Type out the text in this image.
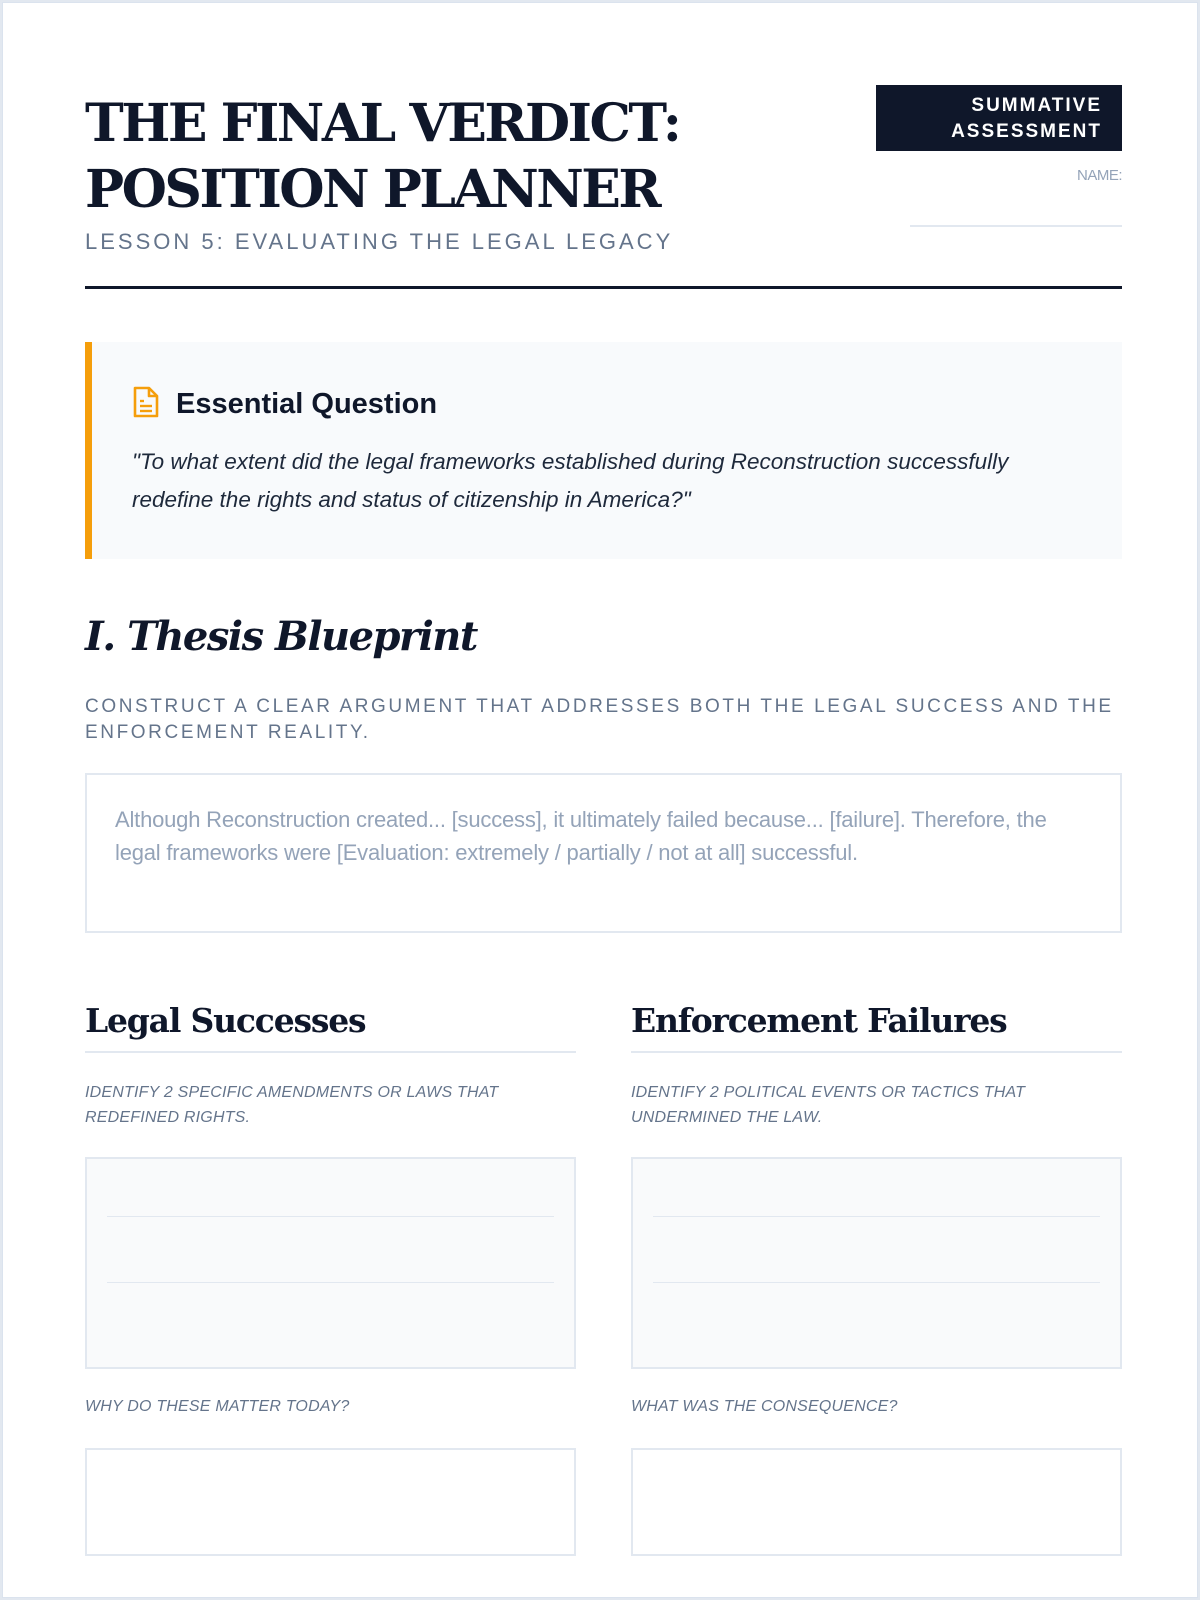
THE FINAL VERDICT:
POSITION PLANNER
LESSON 5: EVALUATING THE LEGAL LEGACY
SUMMATIVE
ASSESSMENT
NAME:
Essential Question

"To what extent did the legal frameworks established during Reconstruction successfully redefine the rights and status of citizenship in America?"

I. Thesis Blueprint

CONSTRUCT A CLEAR ARGUMENT THAT ADDRESSES BOTH THE LEGAL SUCCESS AND THE ENFORCEMENT REALITY.

Although Reconstruction created... [success], it ultimately failed because... [failure]. Therefore, the legal frameworks were [Evaluation: extremely / partially / not at all] successful.
Legal Successes

IDENTIFY 2 SPECIFIC AMENDMENTS OR LAWS THAT REDEFINED RIGHTS.

WHY DO THESE MATTER TODAY?

Enforcement Failures

IDENTIFY 2 POLITICAL EVENTS OR TACTICS THAT UNDERMINED THE LAW.

WHAT WAS THE CONSEQUENCE?
